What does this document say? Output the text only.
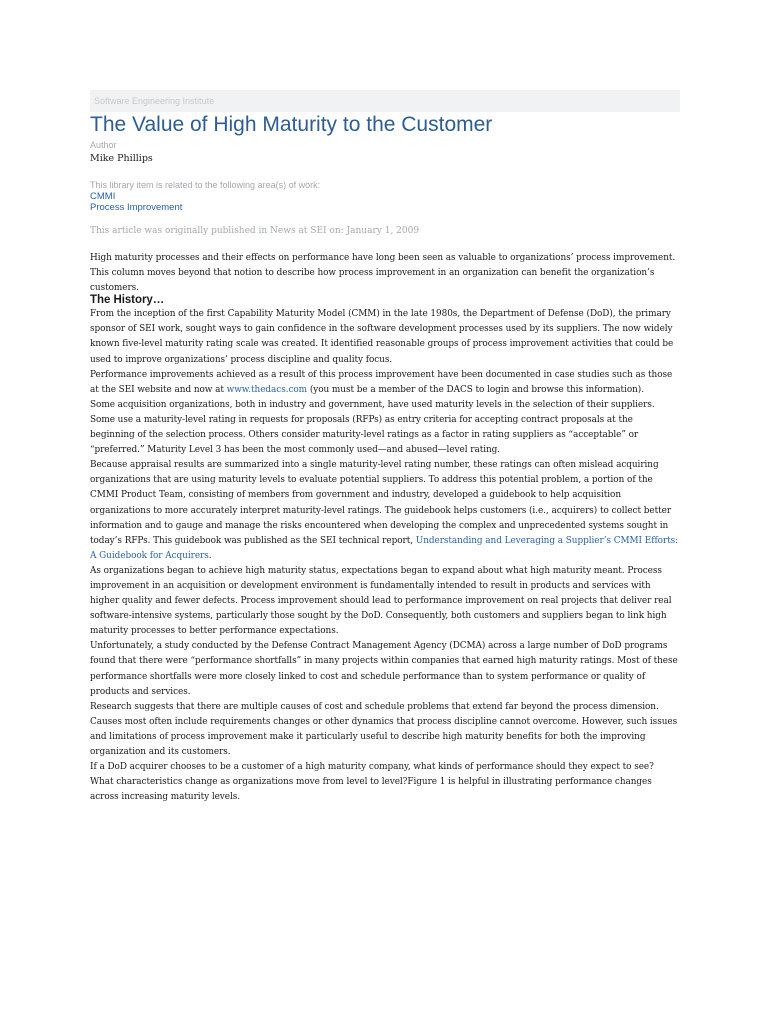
Software Engineering Institute
The Value of High Maturity to the Customer
Author
Mike Phillips
This library item is related to the following area(s) of work:
CMMI
Process Improvement
This article was originally published in News at SEI on: January 1, 2009

High maturity processes and their effects on performance have long been seen as valuable to organizations’ process improvement. This column moves beyond that notion to describe how process improvement in an organization can benefit the organization’s customers.

The History…

From the inception of the first Capability Maturity Model (CMM) in the late 1980s, the Department of Defense (DoD), the primary sponsor of SEI work, sought ways to gain confidence in the software development processes used by its suppliers. The now widely known five-level maturity rating scale was created. It identified reasonable groups of process improvement activities that could be used to improve organizations’ process discipline and quality focus.

Performance improvements achieved as a result of this process improvement have been documented in case studies such as those at the SEI website and now at www.thedacs.com (you must be a member of the DACS to login and browse this information).

Some acquisition organizations, both in industry and government, have used maturity levels in the selection of their suppliers. Some use a maturity-level rating in requests for proposals (RFPs) as entry criteria for accepting contract proposals at the beginning of the selection process. Others consider maturity-level ratings as a factor in rating suppliers as “acceptable” or “preferred.” Maturity Level 3 has been the most commonly used—and abused—level rating.

Because appraisal results are summarized into a single maturity-level rating number, these ratings can often mislead acquiring organizations that are using maturity levels to evaluate potential suppliers. To address this potential problem, a portion of the CMMI Product Team, consisting of members from government and industry, developed a guidebook to help acquisition organizations to more accurately interpret maturity-level ratings. The guidebook helps customers (i.e., acquirers) to collect better information and to gauge and manage the risks encountered when developing the complex and unprecedented systems sought in today’s RFPs. This guidebook was published as the SEI technical report, Understanding and Leveraging a Supplier’s CMMI Efforts: A Guidebook for Acquirers.

As organizations began to achieve high maturity status, expectations began to expand about what high maturity meant. Process improvement in an acquisition or development environment is fundamentally intended to result in products and services with higher quality and fewer defects. Process improvement should lead to performance improvement on real projects that deliver real software-intensive systems, particularly those sought by the DoD. Consequently, both customers and suppliers began to link high maturity processes to better performance expectations.

Unfortunately, a study conducted by the Defense Contract Management Agency (DCMA) across a large number of DoD programs found that there were “performance shortfalls” in many projects within companies that earned high maturity ratings. Most of these performance shortfalls were more closely linked to cost and schedule performance than to system performance or quality of products and services.

Research suggests that there are multiple causes of cost and schedule problems that extend far beyond the process dimension. Causes most often include requirements changes or other dynamics that process discipline cannot overcome. However, such issues and limitations of process improvement make it particularly useful to describe high maturity benefits for both the improving organization and its customers.

If a DoD acquirer chooses to be a customer of a high maturity company, what kinds of performance should they expect to see? What characteristics change as organizations move from level to level?Figure 1 is helpful in illustrating performance changes across increasing maturity levels.
